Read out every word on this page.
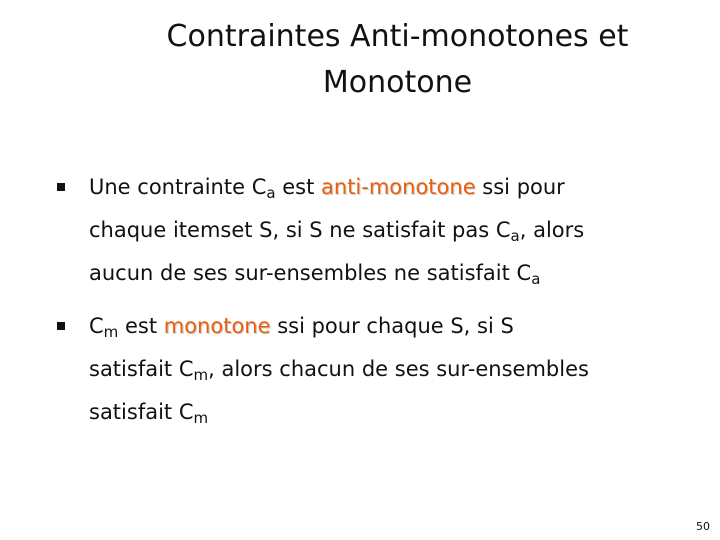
Contraintes Anti-monotones et
Monotone
Une contrainte $C_a$ est anti-monotone ssi pour
chaque itemset S, si S ne satisfait pas $C_a$, alors
aucun de ses sur-ensembles ne satisfait $C_a$
$C_m$ est monotone ssi pour chaque S, si S
satisfait $C_m$, alors chacun de ses sur-ensembles
satisfait $C_m$
50
